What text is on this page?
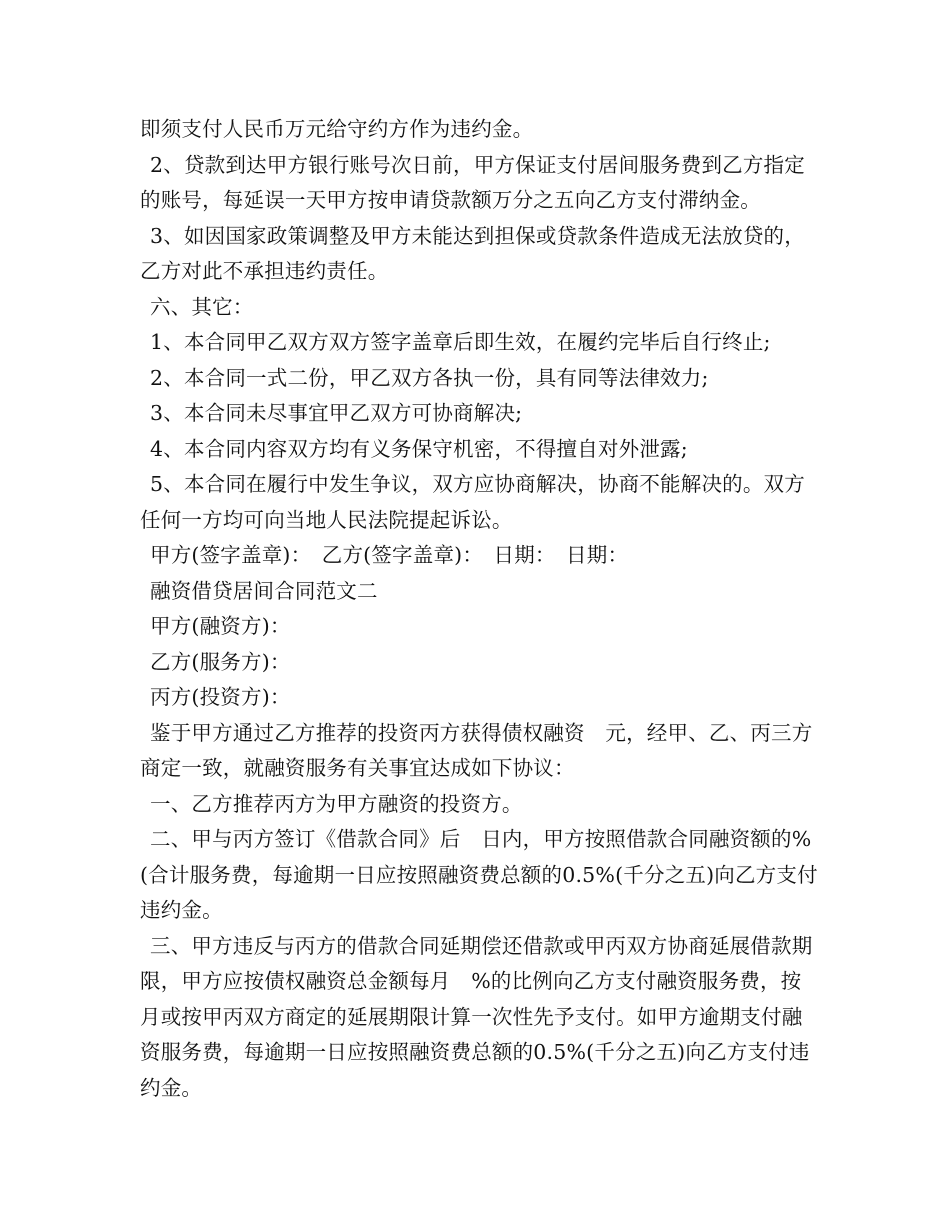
即须支付人民币万元给守约方作为违约金。

2、贷款到达甲方银行账号次日前，甲方保证支付居间服务费到乙方指定的账号，每延误一天甲方按申请贷款额万分之五向乙方支付滞纳金。

3、如因国家政策调整及甲方未能达到担保或贷款条件造成无法放贷的，乙方对此不承担违约责任。

六、其它：

1、本合同甲乙双方双方签字盖章后即生效，在履约完毕后自行终止;

2、本合同一式二份，甲乙双方各执一份，具有同等法律效力;

3、本合同未尽事宜甲乙双方可协商解决;

4、本合同内容双方均有义务保守机密，不得擅自对外泄露;

5、本合同在履行中发生争议，双方应协商解决，协商不能解决的。双方任何一方均可向当地人民法院提起诉讼。

甲方(签字盖章)：　乙方(签字盖章)：　日期：　日期：

融资借贷居间合同范文二

甲方(融资方)：

乙方(服务方)：

丙方(投资方)：

鉴于甲方通过乙方推荐的投资丙方获得债权融资　元，经甲、乙、丙三方商定一致，就融资服务有关事宜达成如下协议：

一、乙方推荐丙方为甲方融资的投资方。

二、甲与丙方签订《借款合同》后　日内，甲方按照借款合同融资额的%(合计服务费，每逾期一日应按照融资费总额的0.5%(千分之五)向乙方支付违约金。

三、甲方违反与丙方的借款合同延期偿还借款或甲丙双方协商延展借款期限，甲方应按债权融资总金额每月　%的比例向乙方支付融资服务费，按月或按甲丙双方商定的延展期限计算一次性先予支付。如甲方逾期支付融资服务费，每逾期一日应按照融资费总额的0.5%(千分之五)向乙方支付违约金。
